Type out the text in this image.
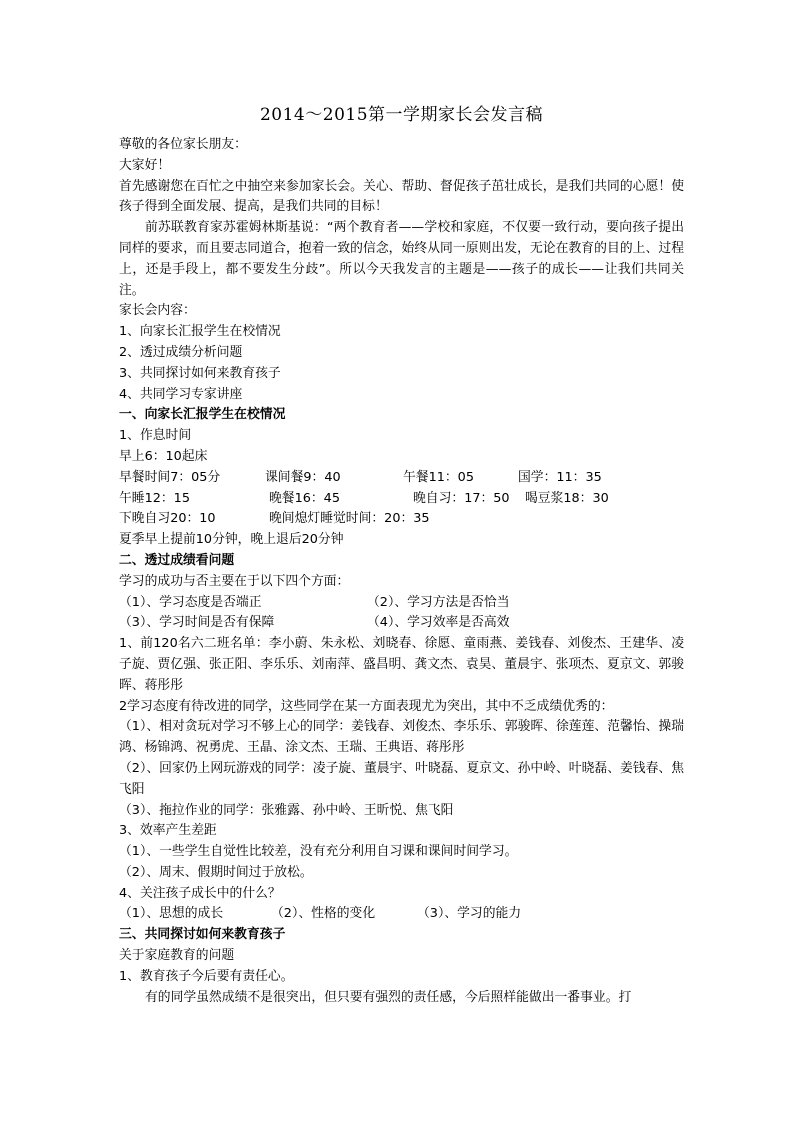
2014～2015第一学期家长会发言稿
尊敬的各位家长朋友：
大家好！
首先感谢您在百忙之中抽空来参加家长会。关心、帮助、督促孩子茁壮成长，是我们共同的心愿！使孩子得到全面发展、提高，是我们共同的目标！
前苏联教育家苏霍姆林斯基说：“两个教育者——学校和家庭，不仅要一致行动，要向孩子提出同样的要求，而且要志同道合，抱着一致的信念，始终从同一原则出发，无论在教育的目的上、过程上，还是手段上，都不要发生分歧”。所以今天我发言的主题是——孩子的成长——让我们共同关注。
家长会内容：
1、向家长汇报学生在校情况
2、透过成绩分析问题
3、共同探讨如何来教育孩子
4、共同学习专家讲座
一、向家长汇报学生在校情况
1、作息时间
早上6：10起床
早餐时间7：05分	课间餐9：40	午餐11：05	国学：11：35
午睡12：15	晚餐16：45	晚自习：17：50	喝豆浆18：30
下晚自习20：10	晚间熄灯睡觉时间：20：35
夏季早上提前10分钟，晚上退后20分钟
二、透过成绩看问题
学习的成功与否主要在于以下四个方面：
（1）、学习态度是否端正	（2）、学习方法是否恰当
（3）、学习时间是否有保障	（4）、学习效率是否高效
1、前120名六二班名单：李小蔚、朱永松、刘晓春、徐愿、童雨燕、姜钱春、刘俊杰、王建华、凌子旋、贾亿强、张正阳、李乐乐、刘南萍、盛昌明、龚文杰、袁昊、董晨宇、张项杰、夏京文、郭骏晖、蒋彤彤
2学习态度有待改进的同学，这些同学在某一方面表现尤为突出，其中不乏成绩优秀的：
（1）、相对贪玩对学习不够上心的同学：姜钱春、刘俊杰、李乐乐、郭骏晖、徐莲莲、范馨怡、操瑞鸿、杨锦鸿、祝勇虎、王晶、涂文杰、王瑞、王典语、蒋彤彤
（2）、回家仍上网玩游戏的同学：凌子旋、董晨宇、叶晓磊、夏京文、孙中岭、叶晓磊、姜钱春、焦飞阳
（3）、拖拉作业的同学：张雅露、孙中岭、王昕悦、焦飞阳
3、效率产生差距
（1）、一些学生自觉性比较差，没有充分利用自习课和课间时间学习。
（2）、周末、假期时间过于放松。
4、关注孩子成长中的什么？
（1）、思想的成长	（2）、性格的变化	（3）、学习的能力
三、共同探讨如何来教育孩子
关于家庭教育的问题
1、教育孩子今后要有责任心。
有的同学虽然成绩不是很突出，但只要有强烈的责任感，今后照样能做出一番事业。打
